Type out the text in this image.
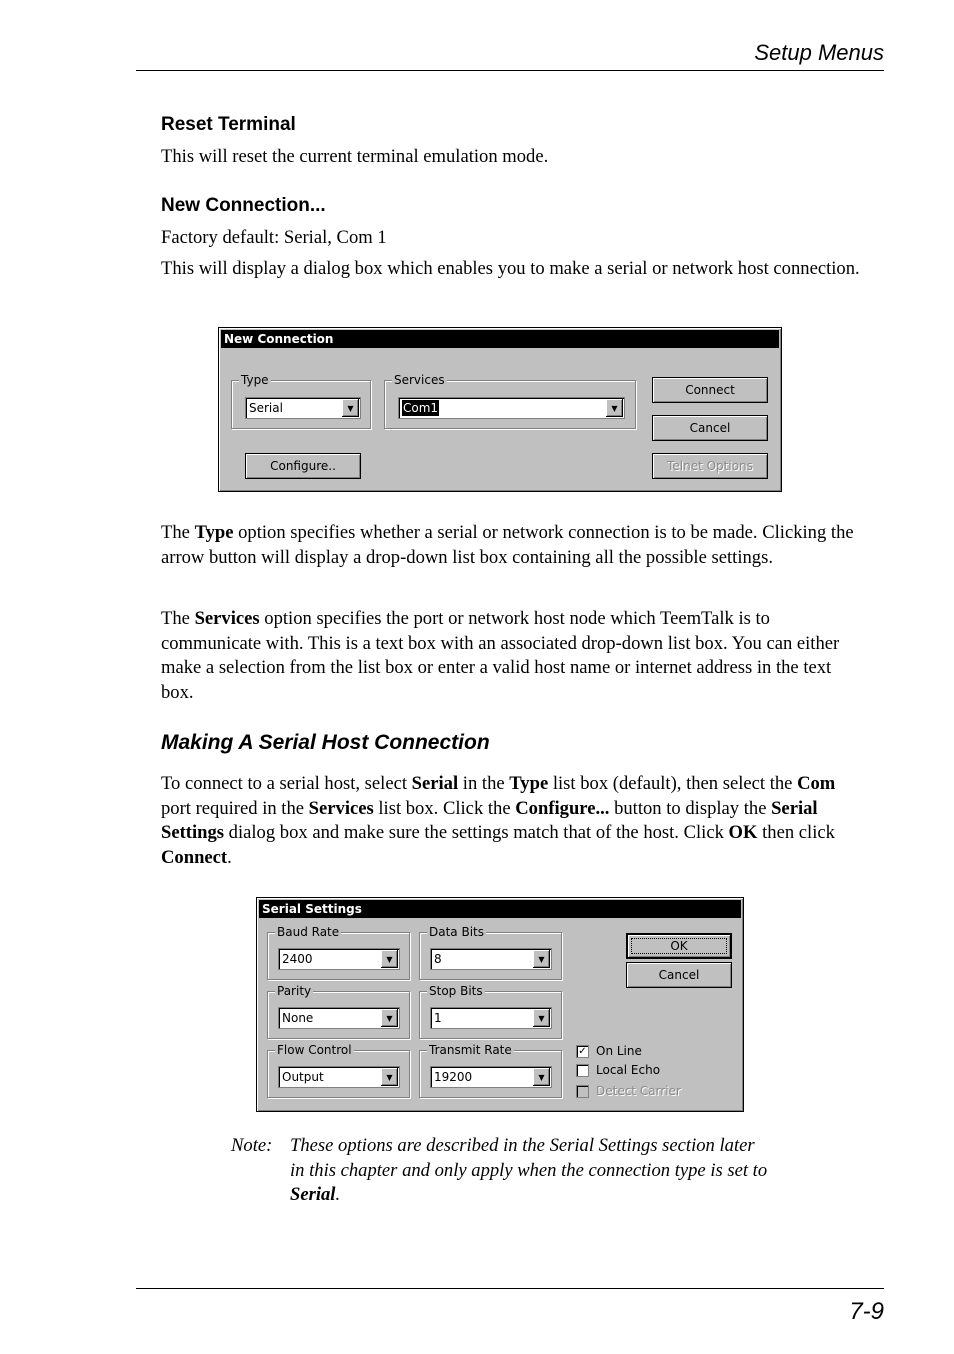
Setup Menus
Reset Terminal

This will reset the current terminal emulation mode.

New Connection...

Factory default: Serial, Com 1

This will display a dialog box which enables you to make a serial or network host connection.

New Connection
Type
Serial	▼
Services
Com1	▼
Connect
Cancel
Configure..	Telnet Options

The Type option specifies whether a serial or network connection is to be made. Clicking the arrow button will display a drop-down list box containing all the possible settings.

The Services option specifies the port or network host node which TeemTalk is to communicate with. This is a text box with an associated drop-down list box. You can either make a selection from the list box or enter a valid host name or internet address in the text box.

Making A Serial Host Connection

To connect to a serial host, select Serial in the Type list box (default), then select the Com port required in the Services list box. Click the Configure... button to display the Serial Settings dialog box and make sure the settings match that of the host. Click OK then click Connect.

Serial Settings
Baud Rate
2400	▼
Data Bits
8	▼
Parity
None	▼
Stop Bits
1	▼
Flow Control
Output	▼
Transmit Rate
19200	▼
OK
Cancel
✓ On Line
Local Echo
Detect Carrier
Note: These options are described in the Serial Settings section later in this chapter and only apply when the connection type is set to Serial.

7-9
